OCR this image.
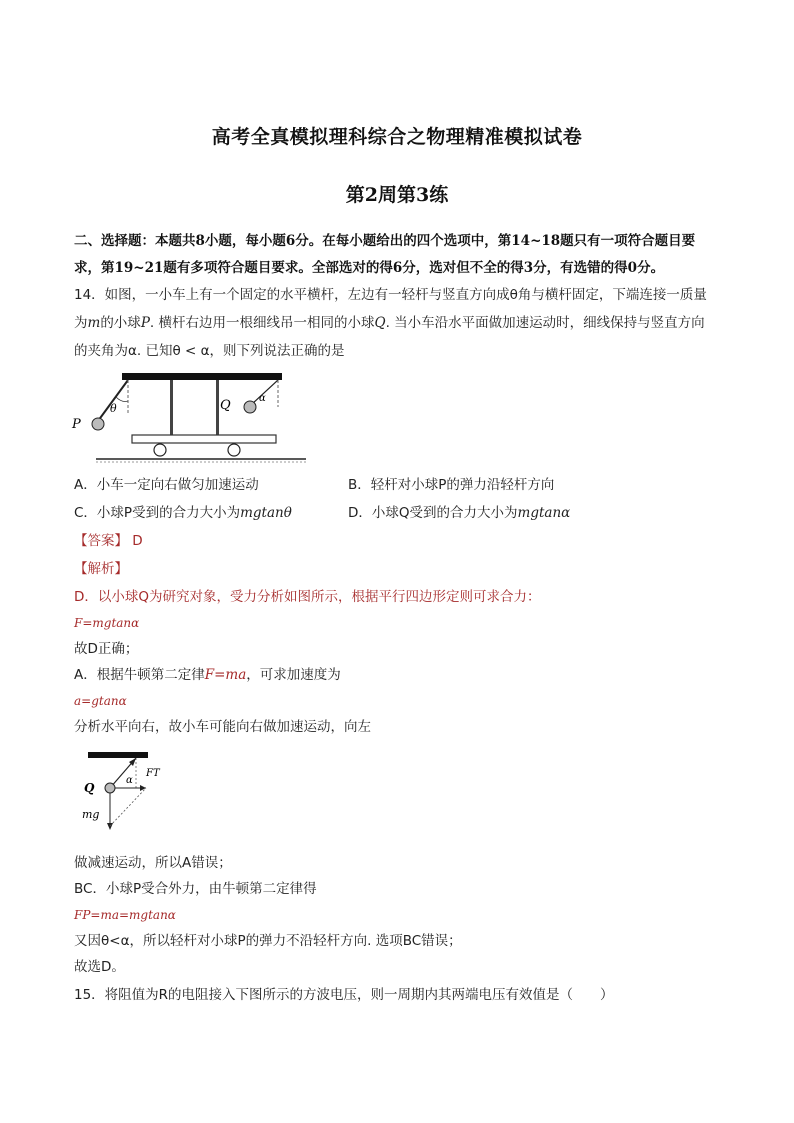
高考全真模拟理科综合之物理精准模拟试卷
第2周第3练
二、选择题：本题共8小题，每小题6分。在每小题给出的四个选项中，第14~18题只有一项符合题目要
求，第19~21题有多项符合题目要求。全部选对的得6分，选对但不全的得3分，有选错的得0分。
14．如图，一小车上有一个固定的水平横杆，左边有一轻杆与竖直方向成θ角与横杆固定，下端连接一质量
为m的小球P. 横杆右边用一根细线吊一相同的小球Q. 当小车沿水平面做加速运动时，细线保持与竖直方向
的夹角为α. 已知θ < α，则下列说法正确的是
P
θ	Q	α
A．小车一定向右做匀加速运动	B．轻杆对小球P的弹力沿轻杆方向
C．小球P受到的合力大小为mgtanθ	D．小球Q受到的合力大小为mgtanα
【答案】 D
【解析】
D．以小球Q为研究对象，受力分析如图所示，根据平行四边形定则可求合力：
F=mgtanα
故D正确；
A．根据牛顿第二定律F=ma，可求加速度为
a=gtanα
分析水平向右，故小车可能向右做加速运动，向左
Q
FT
α
mg
做减速运动，所以A错误；
BC．小球P受合外力，由牛顿第二定律得
FP=ma=mgtanα
又因θ<α，所以轻杆对小球P的弹力不沿轻杆方向. 选项BC错误；
故选D。
15．将阻值为R的电阻接入下图所示的方波电压，则一周期内其两端电压有效值是（　　）
